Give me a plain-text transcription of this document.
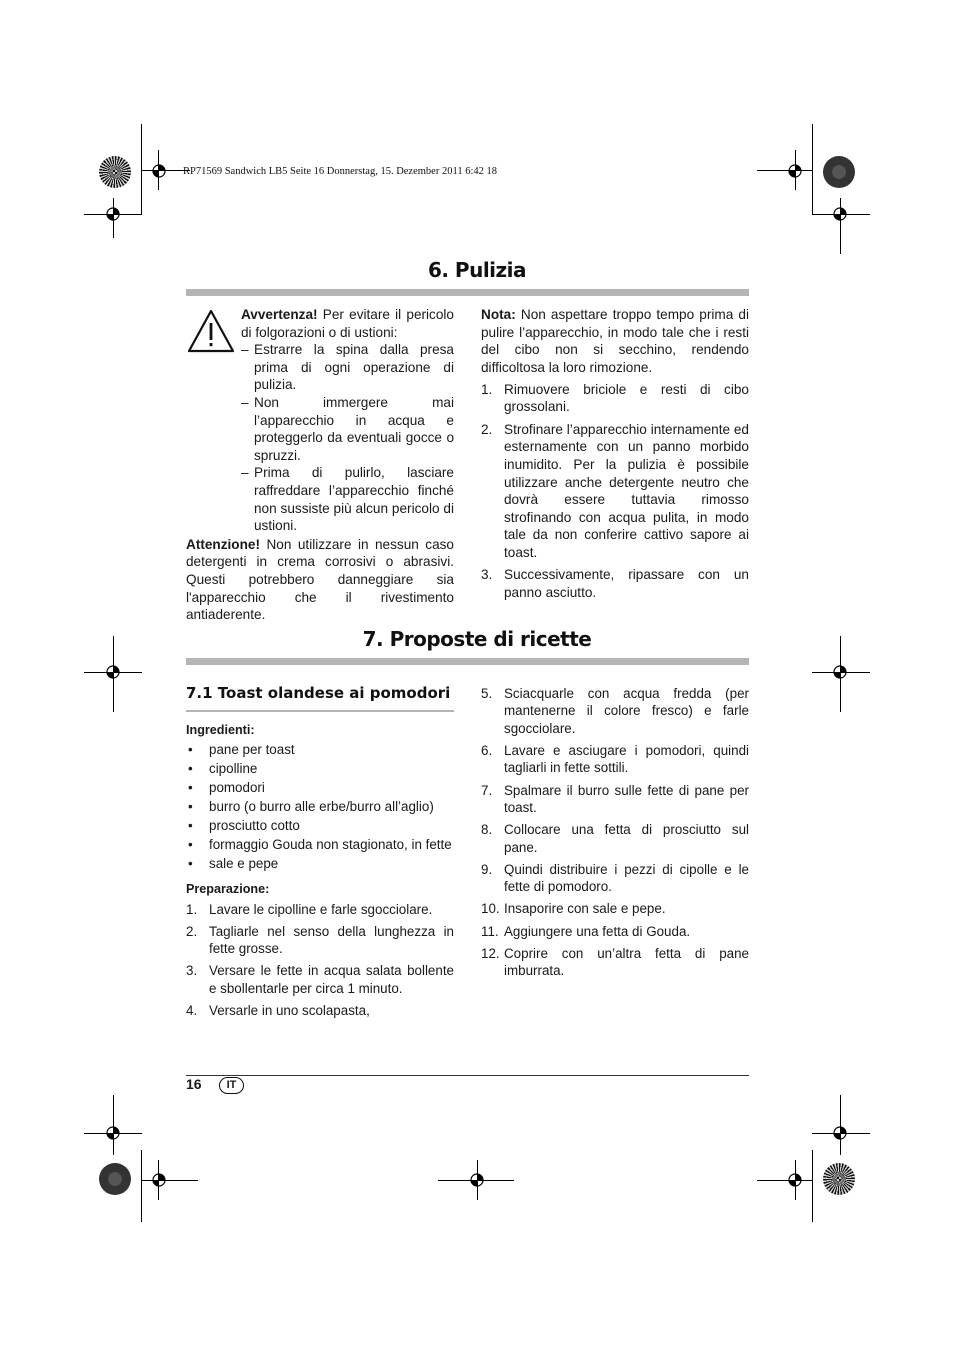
RP71569 Sandwich LB5 Seite 16 Donnerstag, 15. Dezember 2011 6:42 18
6. Pulizia

Avvertenza! Per evitare il pericolo di folgorazioni o di ustioni:

– Estrarre la spina dalla presa prima di ogni operazione di pulizia.
– Non immergere mai l’apparecchio in acqua e proteggerlo da eventuali gocce o spruzzi.
– Prima di pulirlo, lasciare raffreddare l’apparecchio finché non sussiste più alcun pericolo di ustioni.

Attenzione! Non utilizzare in nessun caso detergenti in crema corrosivi o abrasivi. Questi potrebbero danneggiare sia l'apparecchio che il rivestimento antiaderente.

Nota: Non aspettare troppo tempo prima di pulire l’apparecchio, in modo tale che i resti del cibo non si secchino, rendendo difficoltosa la loro rimozione.

1. Rimuovere briciole e resti di cibo grossolani.
2. Strofinare l’apparecchio internamente ed esternamente con un panno morbido inumidito. Per la pulizia è possibile utilizzare anche detergente neutro che dovrà essere tuttavia rimosso strofinando con acqua pulita, in modo tale da non conferire cattivo sapore ai toast.
3. Successivamente, ripassare con un panno asciutto.
7. Proposte di ricette
7.1 Toast olandese ai pomodori

Ingredienti:

• pane per toast
• cipolline
• pomodori
• burro (o burro alle erbe/burro all’aglio)
• prosciutto cotto
• formaggio Gouda non stagionato, in fette
• sale e pepe

Preparazione:

1. Lavare le cipolline e farle sgocciolare.
2. Tagliarle nel senso della lunghezza in fette grosse.
3. Versare le fette in acqua salata bollente e sbollentarle per circa 1 minuto.
4. Versarle in uno scolapasta,
5. Sciacquarle con acqua fredda (per mantenerne il colore fresco) e farle sgocciolare.
6. Lavare e asciugare i pomodori, quindi tagliarli in fette sottili.
7. Spalmare il burro sulle fette di pane per toast.
8. Collocare una fetta di prosciutto sul pane.
9. Quindi distribuire i pezzi di cipolle e le fette di pomodoro.
10. Insaporire con sale e pepe.
11. Aggiungere una fetta di Gouda.
12. Coprire con un’altra fetta di pane imburrata.
16	IT
